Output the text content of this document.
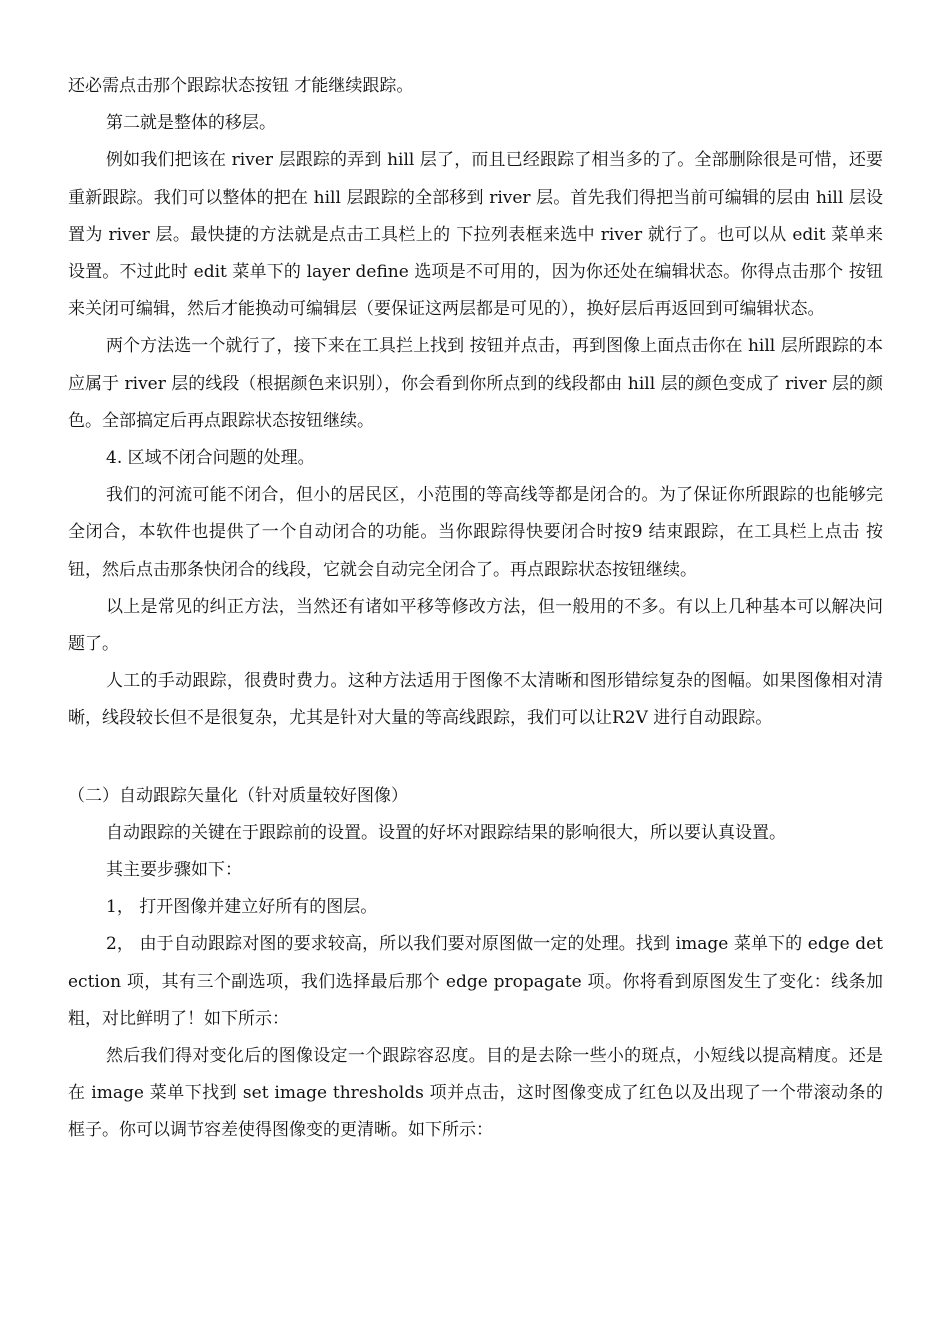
还必需点击那个跟踪状态按钮 才能继续跟踪。

第二就是整体的移层。

例如我们把该在 river 层跟踪的弄到 hill 层了，而且已经跟踪了相当多的了。全部删除很是可惜，还要重新跟踪。我们可以整体的把在 hill 层跟踪的全部移到 river 层。首先我们得把当前可编辑的层由 hill 层设置为 river 层。最快捷的方法就是点击工具栏上的 下拉列表框来选中 river 就行了。也可以从 edit 菜单来设置。不过此时 edit 菜单下的 layer define 选项是不可用的，因为你还处在编辑状态。你得点击那个 按钮来关闭可编辑，然后才能换动可编辑层（要保证这两层都是可见的），换好层后再返回到可编辑状态。

两个方法选一个就行了，接下来在工具拦上找到 按钮并点击，再到图像上面点击你在 hill 层所跟踪的本应属于 river 层的线段（根据颜色来识别），你会看到你所点到的线段都由 hill 层的颜色变成了 river 层的颜色。全部搞定后再点跟踪状态按钮继续。

4. 区域不闭合问题的处理。

我们的河流可能不闭合，但小的居民区，小范围的等高线等都是闭合的。为了保证你所跟踪的也能够完全闭合，本软件也提供了一个自动闭合的功能。当你跟踪得快要闭合时按9 结束跟踪，在工具栏上点击 按钮，然后点击那条快闭合的线段，它就会自动完全闭合了。再点跟踪状态按钮继续。

以上是常见的纠正方法，当然还有诸如平移等修改方法，但一般用的不多。有以上几种基本可以解决问题了。

人工的手动跟踪，很费时费力。这种方法适用于图像不太清晰和图形错综复杂的图幅。如果图像相对清晰，线段较长但不是很复杂，尤其是针对大量的等高线跟踪，我们可以让R2V 进行自动跟踪。

（二）自动跟踪矢量化（针对质量较好图像）

自动跟踪的关键在于跟踪前的设置。设置的好坏对跟踪结果的影响很大，所以要认真设置。

其主要步骤如下：

1， 打开图像并建立好所有的图层。

2， 由于自动跟踪对图的要求较高，所以我们要对原图做一定的处理。找到 image 菜单下的 edge detection 项，其有三个副选项，我们选择最后那个 edge propagate 项。你将看到原图发生了变化：线条加粗，对比鲜明了！如下所示：

然后我们得对变化后的图像设定一个跟踪容忍度。目的是去除一些小的斑点，小短线以提高精度。还是在 image 菜单下找到 set image thresholds 项并点击，这时图像变成了红色以及出现了一个带滚动条的框子。你可以调节容差使得图像变的更清晰。如下所示：
